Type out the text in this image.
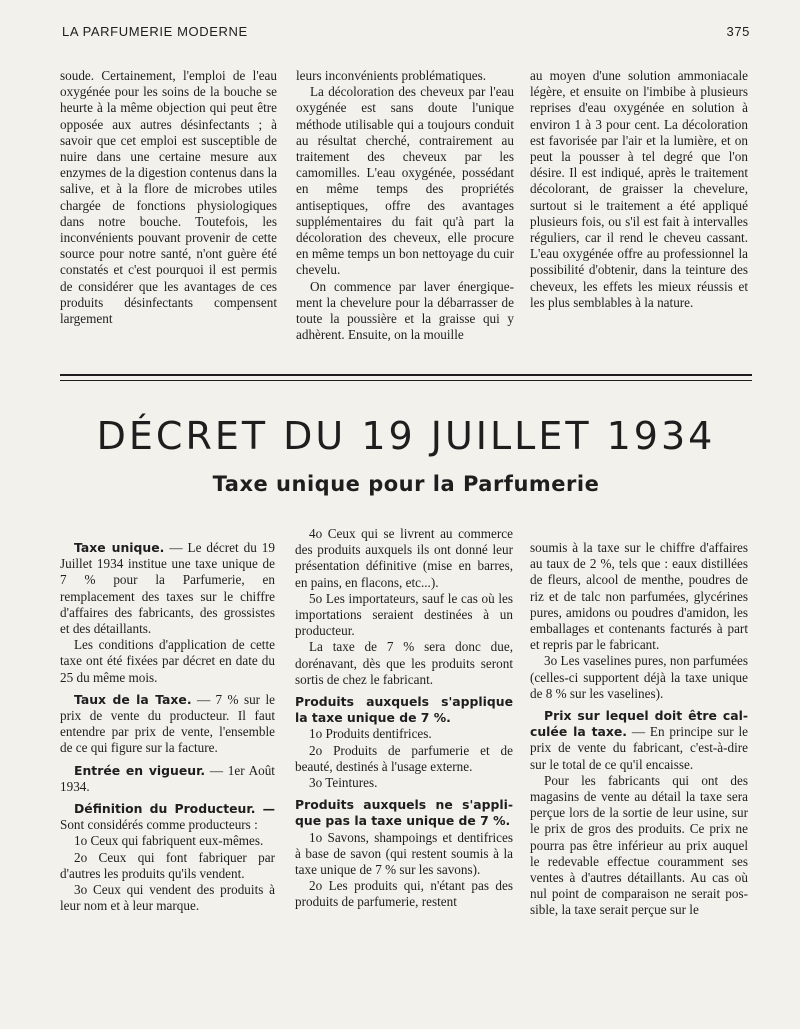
LA PARFUMERIE MODERNE	375

soude. Certainement, l'emploi de l'eau oxygénée pour les soins de la bouche se heurte à la même objection qui peut être opposée aux autres désinfectants ; à savoir que cet emploi est susceptible de nuire dans une certaine mesure aux enzymes de la digestion contenus dans la salive, et à la flore de microbes utiles chargée de fonctions physiologiques dans notre bouche. Toutefois, les inconvénients pouvant provenir de cette source pour notre santé, n'ont guère été constatés et c'est pourquoi il est permis de considérer que les avantages de ces produits désinfectants compensent largement

leurs inconvénients problématiques.

La décoloration des cheveux par l'eau oxygénée est sans doute l'unique méthode utilisable qui a toujours conduit au résultat cherché, contrairement au traitement des cheveux par les camomilles. L'eau oxygénée, possédant en même temps des propriétés antiseptiques, offre des avantages supplémentaires du fait qu'à part la décoloration des cheveux, elle procure en même temps un bon nettoyage du cuir chevelu.

On commence par laver énergiquement la chevelure pour la débarrasser de toute la poussière et la graisse qui y adhèrent. Ensuite, on la mouille

au moyen d'une solution ammoniacale légère, et ensuite on l'imbibe à plusieurs reprises d'eau oxygénée en solution à environ 1 à 3 pour cent. La décoloration est favorisée par l'air et la lumière, et on peut la pousser à tel degré que l'on désire. Il est indiqué, après le traitement décolorant, de graisser la chevelure, surtout si le traitement a été appliqué plusieurs fois, ou s'il est fait à intervalles réguliers, car il rend le cheveu cassant. L'eau oxygénée offre au professionnel la possibilité d'obtenir, dans la teinture des cheveux, les effets les mieux réussis et les plus semblables à la nature.

DÉCRET DU 19 JUILLET 1934
Taxe unique pour la Parfumerie

Taxe unique. — Le décret du 19 Juillet 1934 institue une taxe unique de 7 % pour la Parfumerie, en remplacement des taxes sur le chiffre d'affaires des fabricants, des grossistes et des détaillants.

Les conditions d'application de cette taxe ont été fixées par décret en date du 25 du même mois.

Taux de la Taxe. — 7 % sur le prix de vente du producteur. Il faut entendre par prix de vente, l'ensemble de ce qui figure sur la facture.

Entrée en vigueur. — 1er Août 1934.

Définition du Producteur. — Sont considérés comme producteurs :

1o Ceux qui fabriquent eux-mêmes.

2o Ceux qui font fabriquer par d'autres les produits qu'ils vendent.

3o Ceux qui vendent des produits à leur nom et à leur marque.

4o Ceux qui se livrent au commerce des produits auxquels ils ont donné leur présentation définitive (mise en barres, en pains, en flacons, etc...).

5o Les importateurs, sauf le cas où les importations seraient destinées à un producteur.

La taxe de 7 % sera donc due, dorénavant, dès que les produits seront sortis de chez le fabricant.

Produits auxquels s'applique la taxe unique de 7 %.

1o Produits dentifrices.

2o Produits de parfumerie et de beauté, destinés à l'usage externe.

3o Teintures.

Produits auxquels ne s'applique pas la taxe unique de 7 %.

1o Savons, shampoings et dentifrices à base de savon (qui restent soumis à la taxe unique de 7 % sur les savons).

2o Les produits qui, n'étant pas des produits de parfumerie, restent

soumis à la taxe sur le chiffre d'affaires au taux de 2 %, tels que : eaux distillées de fleurs, alcool de menthe, poudres de riz et de talc non parfumées, glycérines pures, amidons ou poudres d'amidon, les emballages et contenants facturés à part et repris par le fabricant.

3o Les vaselines pures, non parfumées (celles-ci supportent déjà la taxe unique de 8 % sur les vaselines).

Prix sur lequel doit être calculée la taxe. — En principe sur le prix de vente du fabricant, c'est-à-dire sur le total de ce qu'il encaisse.

Pour les fabricants qui ont des magasins de vente au détail la taxe sera perçue lors de la sortie de leur usine, sur le prix de gros des produits. Ce prix ne pourra pas être inférieur au prix auquel le redevable effectue couramment ses ventes à d'autres détaillants. Au cas où nul point de comparaison ne serait possible, la taxe serait perçue sur le
